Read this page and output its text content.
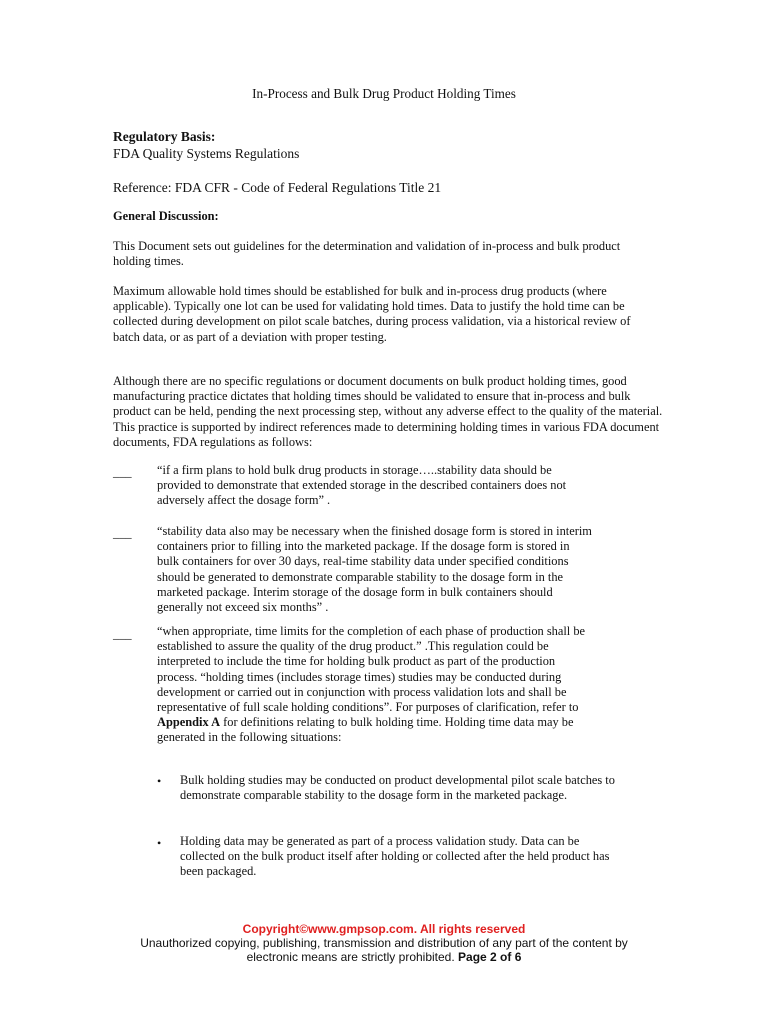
In-Process and Bulk Drug Product Holding Times
Regulatory Basis:
FDA Quality Systems Regulations
Reference: FDA CFR - Code of Federal Regulations Title 21
General Discussion:
This Document sets out guidelines for the determination and validation of in-process and bulk product holding times.
Maximum allowable hold times should be established for bulk and in-process drug products (where applicable). Typically one lot can be used for validating hold times. Data to justify the hold time can be collected during development on pilot scale batches, during process validation, via a historical review of batch data, or as part of a deviation with proper testing.
Although there are no specific regulations or document documents on bulk product holding times, good manufacturing practice dictates that holding times should be validated to ensure that in-process and bulk product can be held, pending the next processing step, without any adverse effect to the quality of the material. This practice is supported by indirect references made to determining holding times in various FDA document documents, FDA regulations as follows:
___	“if a firm plans to hold bulk drug products in storage…..stability data should be provided to demonstrate that extended storage in the described containers does not adversely affect the dosage form” .
___	“stability data also may be necessary when the finished dosage form is stored in interim containers prior to filling into the marketed package. If the dosage form is stored in bulk containers for over 30 days, real-time stability data under specified conditions should be generated to demonstrate comparable stability to the dosage form in the marketed package. Interim storage of the dosage form in bulk containers should generally not exceed six months” .
___	“when appropriate, time limits for the completion of each phase of production shall be established to assure the quality of the drug product.” .This regulation could be interpreted to include the time for holding bulk product as part of the production process. “holding times (includes storage times) studies may be conducted during development or carried out in conjunction with process validation lots and shall be representative of full scale holding conditions”. For purposes of clarification, refer to Appendix A for definitions relating to bulk holding time. Holding time data may be generated in the following situations:
•	Bulk holding studies may be conducted on product developmental pilot scale batches to demonstrate comparable stability to the dosage form in the marketed package.
•	Holding data may be generated as part of a process validation study. Data can be collected on the bulk product itself after holding or collected after the held product has been packaged.
Copyright©www.gmpsop.com. All rights reserved
Unauthorized copying, publishing, transmission and distribution of any part of the content by electronic means are strictly prohibited. Page 2 of 6
